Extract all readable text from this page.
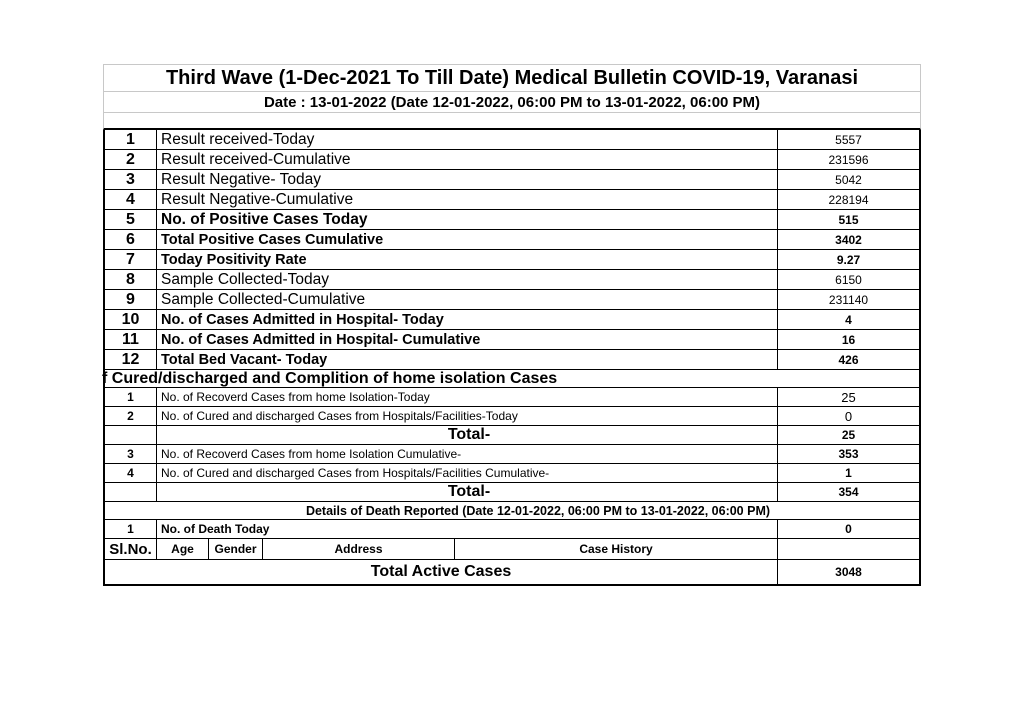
Third Wave (1-Dec-2021 To Till Date) Medical Bulletin COVID-19, Varanasi
Date : 13-01-2022 (Date 12-01-2022, 06:00 PM to 13-01-2022, 06:00 PM)
1	Result received-Today	5557
2	Result received-Cumulative	231596
3	Result Negative- Today	5042
4	Result Negative-Cumulative	228194
5	No. of Positive Cases Today	515
6	Total Positive Cases Cumulative	3402
7	Today Positivity Rate	9.27
8	Sample Collected-Today	6150
9	Sample Collected-Cumulative	231140
10	No. of Cases Admitted in Hospital- Today	4
11	No. of Cases Admitted in Hospital- Cumulative	16
12	Total Bed Vacant- Today	426
f Cured/discharged and Complition of home isolation Cases
1	No. of Recoverd Cases from home Isolation-Today	25
2	No. of Cured and discharged Cases from Hospitals/Facilities-Today	0
Total-	25
3	No. of Recoverd Cases from home Isolation Cumulative-	353
4	No. of Cured and discharged Cases from Hospitals/Facilities Cumulative-	1
Total-	354
Details of Death Reported (Date 12-01-2022, 06:00 PM to 13-01-2022, 06:00 PM)
1	No. of Death Today	0
Sl.No.	Age	Gender	Address	Case History
Total Active Cases	3048
